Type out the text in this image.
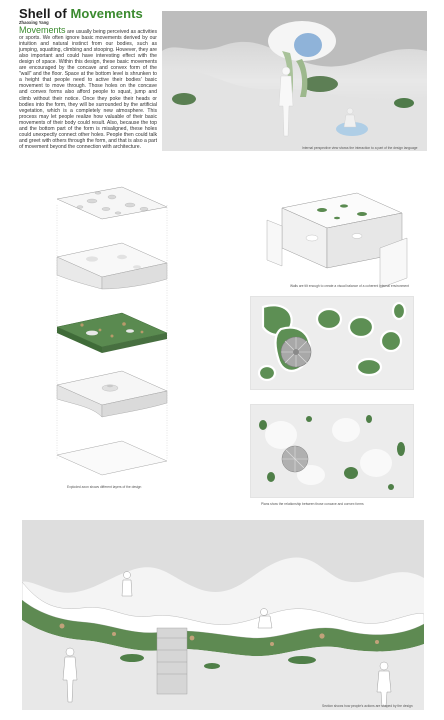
Shell of Movements
Zhaoxing Yang
Movements are usually being perceived as activities or sports. We often ignore basic movements derived by our intuition and natural instinct from our bodies, such as jumping, squatting, climbing and stooping. However, they are also important and could have interesting effect with the design of space. Within this design, these basic movements are encouraged by the concave and convex form of the "wall" and the floor. Space at the bottom level is shrunken to a height that people need to active their bodies' basic movement to move through. Those holes on the concave and convex forms also afford people to squat, jump and climb without their notice. Once they poke their heads or bodies into the form, they will be surrounded by the artificial vegetation, which is a completely new atmosphere. This process may let people realize how valuable of their basic movements of their body could result. Also, because the top and the bottom part of the form is misaligned, these holes could unexpectly connect other holes. People then could talk and greet with others through the form, and that is also a part of movement beyond the connection with architecture.	Internal perspective view shows the interaction to a part of the design language
Exploded axon shows different layers of the design
Walls are tilt enough to create a visual balance of a coherent internal environment
Plans show the relationship between those concave and convex forms
Section shows how people's actions are shaped by the design
